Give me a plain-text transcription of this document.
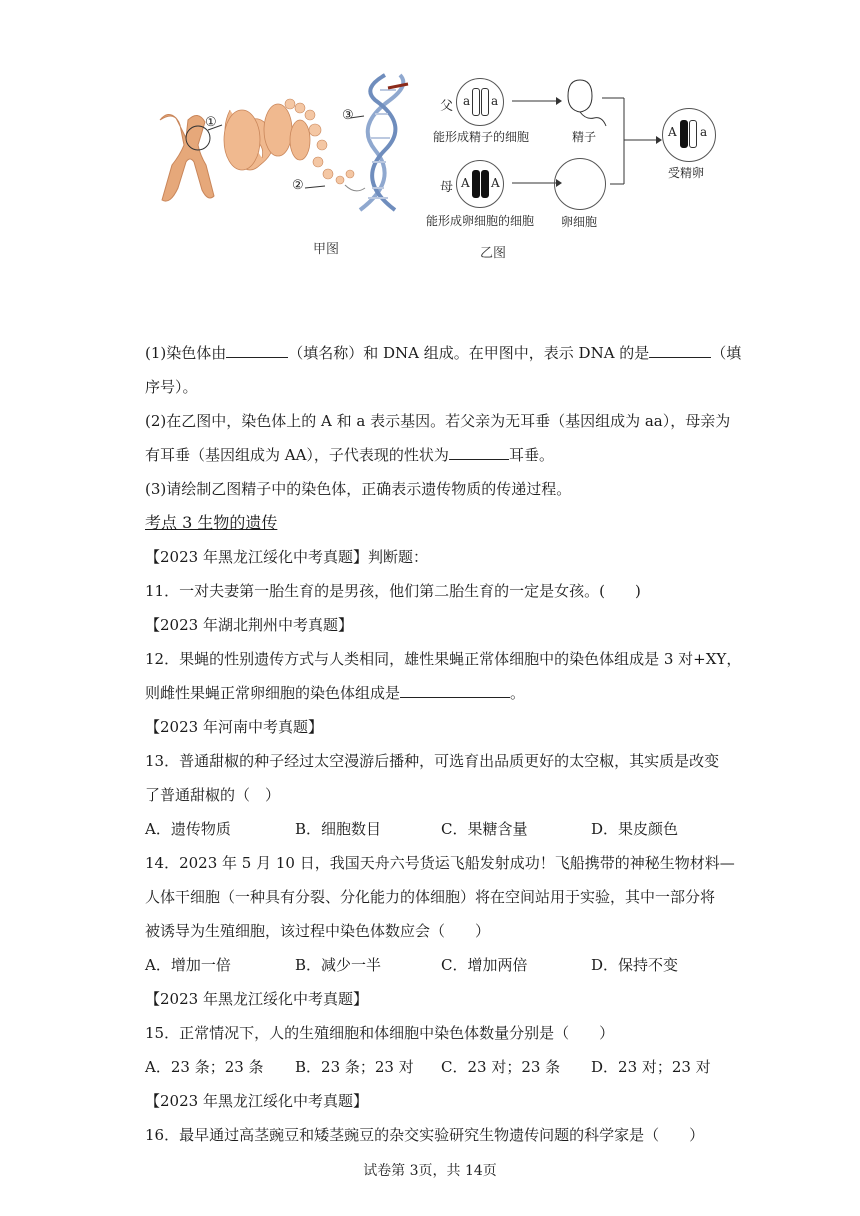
①
②
③
甲图
父 a a
能形成精子的细胞	精子
母 A A
能形成卵细胞的细胞 卵细胞
A a
受精卵
乙图
(1)染色体由	（填名称）和 DNA 组成。在甲图中，表示 DNA 的是	（填
序号）。
(2)在乙图中，染色体上的 A 和 a 表示基因。若父亲为无耳垂（基因组成为 aa），母亲为
有耳垂（基因组成为 AA），子代表现的性状为	耳垂。
(3)请绘制乙图精子中的染色体，正确表示遗传物质的传递过程。
考点 3 生物的遗传
【2023 年黑龙江绥化中考真题】判断题：
11．一对夫妻第一胎生育的是男孩，他们第二胎生育的一定是女孩。(　　)
【2023 年湖北荆州中考真题】
12．果蝇的性别遗传方式与人类相同，雄性果蝇正常体细胞中的染色体组成是 3 对+XY，
则雌性果蝇正常卵细胞的染色体组成是	。
【2023 年河南中考真题】
13．普通甜椒的种子经过太空漫游后播种，可选育出品质更好的太空椒，其实质是改变
了普通甜椒的（　）
A．遗传物质	B．细胞数目	C．果糖含量	D．果皮颜色
14．2023 年 5 月 10 日，我国天舟六号货运飞船发射成功！飞船携带的神秘生物材料—
人体干细胞（一种具有分裂、分化能力的体细胞）将在空间站用于实验，其中一部分将
被诱导为生殖细胞，该过程中染色体数应会（　　）
A．增加一倍	B．减少一半	C．增加两倍	D．保持不变
【2023 年黑龙江绥化中考真题】
15．正常情况下，人的生殖细胞和体细胞中染色体数量分别是（　　）
A．23 条；23 条	B．23 条；23 对	C．23 对；23 条	D．23 对；23 对
【2023 年黑龙江绥化中考真题】
16．最早通过高茎豌豆和矮茎豌豆的杂交实验研究生物遗传问题的科学家是（　　）
试卷第 3页，共 14页
